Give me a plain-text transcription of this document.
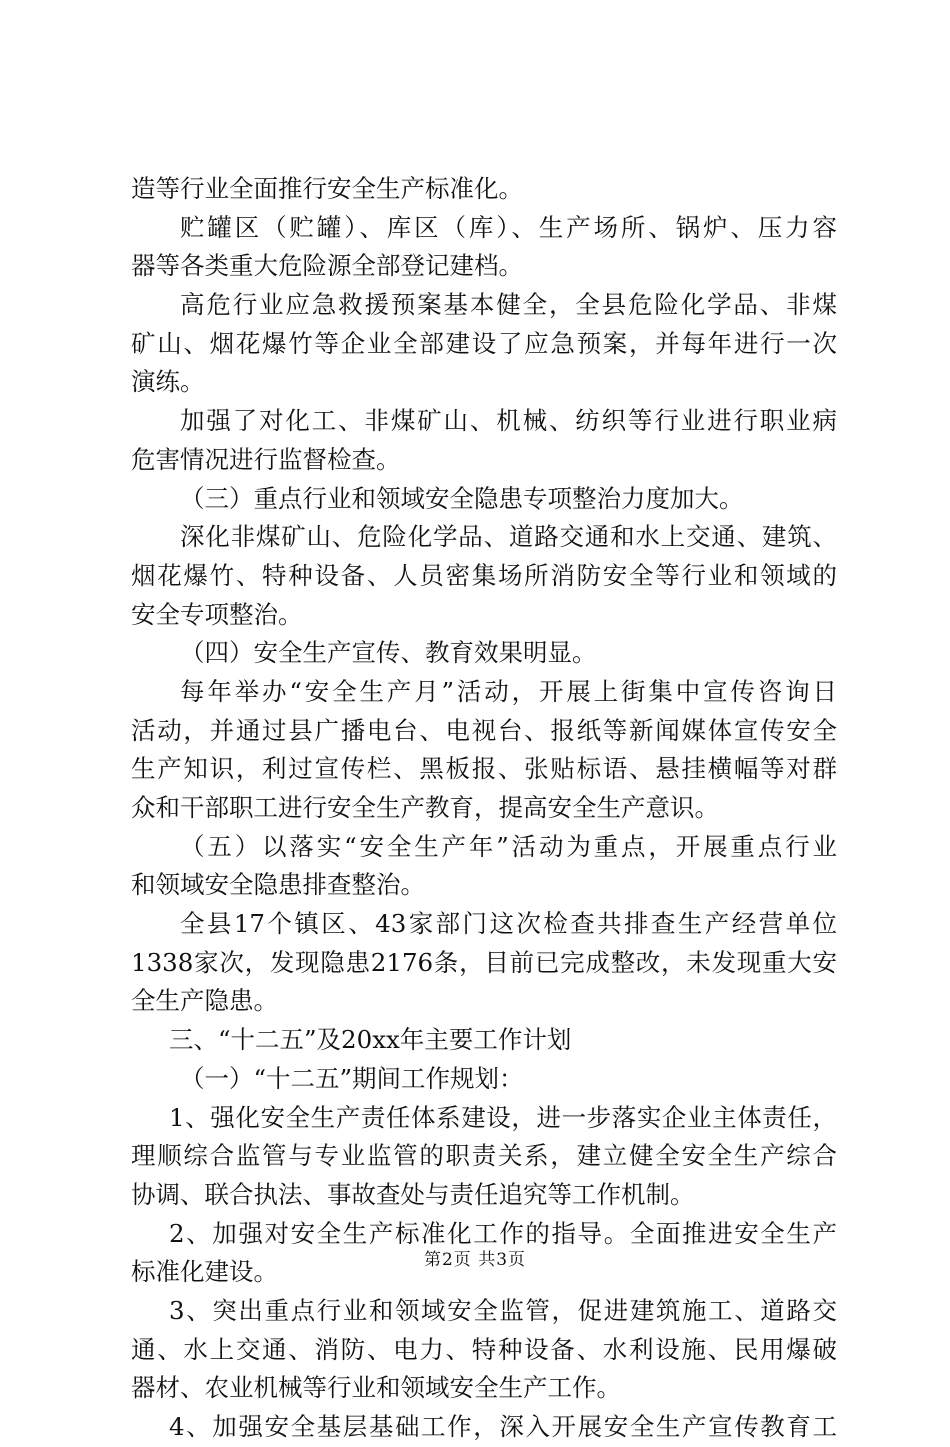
造等行业全面推行安全生产标准化。
贮罐区（贮罐）、库区（库）、生产场所、锅炉、压力容
器等各类重大危险源全部登记建档。
高危行业应急救援预案基本健全，全县危险化学品、非煤
矿山、烟花爆竹等企业全部建设了应急预案，并每年进行一次
演练。
加强了对化工、非煤矿山、机械、纺织等行业进行职业病
危害情况进行监督检查。
（三）重点行业和领域安全隐患专项整治力度加大。
深化非煤矿山、危险化学品、道路交通和水上交通、建筑、
烟花爆竹、特种设备、人员密集场所消防安全等行业和领域的
安全专项整治。
（四）安全生产宣传、教育效果明显。
每年举办“安全生产月”活动，开展上街集中宣传咨询日
活动，并通过县广播电台、电视台、报纸等新闻媒体宣传安全
生产知识，利过宣传栏、黑板报、张贴标语、悬挂横幅等对群
众和干部职工进行安全生产教育，提高安全生产意识。
（五）以落实“安全生产年”活动为重点，开展重点行业
和领域安全隐患排查整治。
全县17个镇区、43家部门这次检查共排查生产经营单位
1338家次，发现隐患2176条，目前已完成整改，未发现重大安
全生产隐患。
三、“十二五”及20xx年主要工作计划
（一）“十二五”期间工作规划：
1、强化安全生产责任体系建设，进一步落实企业主体责任，
理顺综合监管与专业监管的职责关系，建立健全安全生产综合
协调、联合执法、事故查处与责任追究等工作机制。
2、加强对安全生产标准化工作的指导。全面推进安全生产
标准化建设。
3、突出重点行业和领域安全监管，促进建筑施工、道路交
通、水上交通、消防、电力、特种设备、水利设施、民用爆破
器材、农业机械等行业和领域安全生产工作。
4、加强安全基层基础工作，深入开展安全生产宣传教育工
第2页 共3页
